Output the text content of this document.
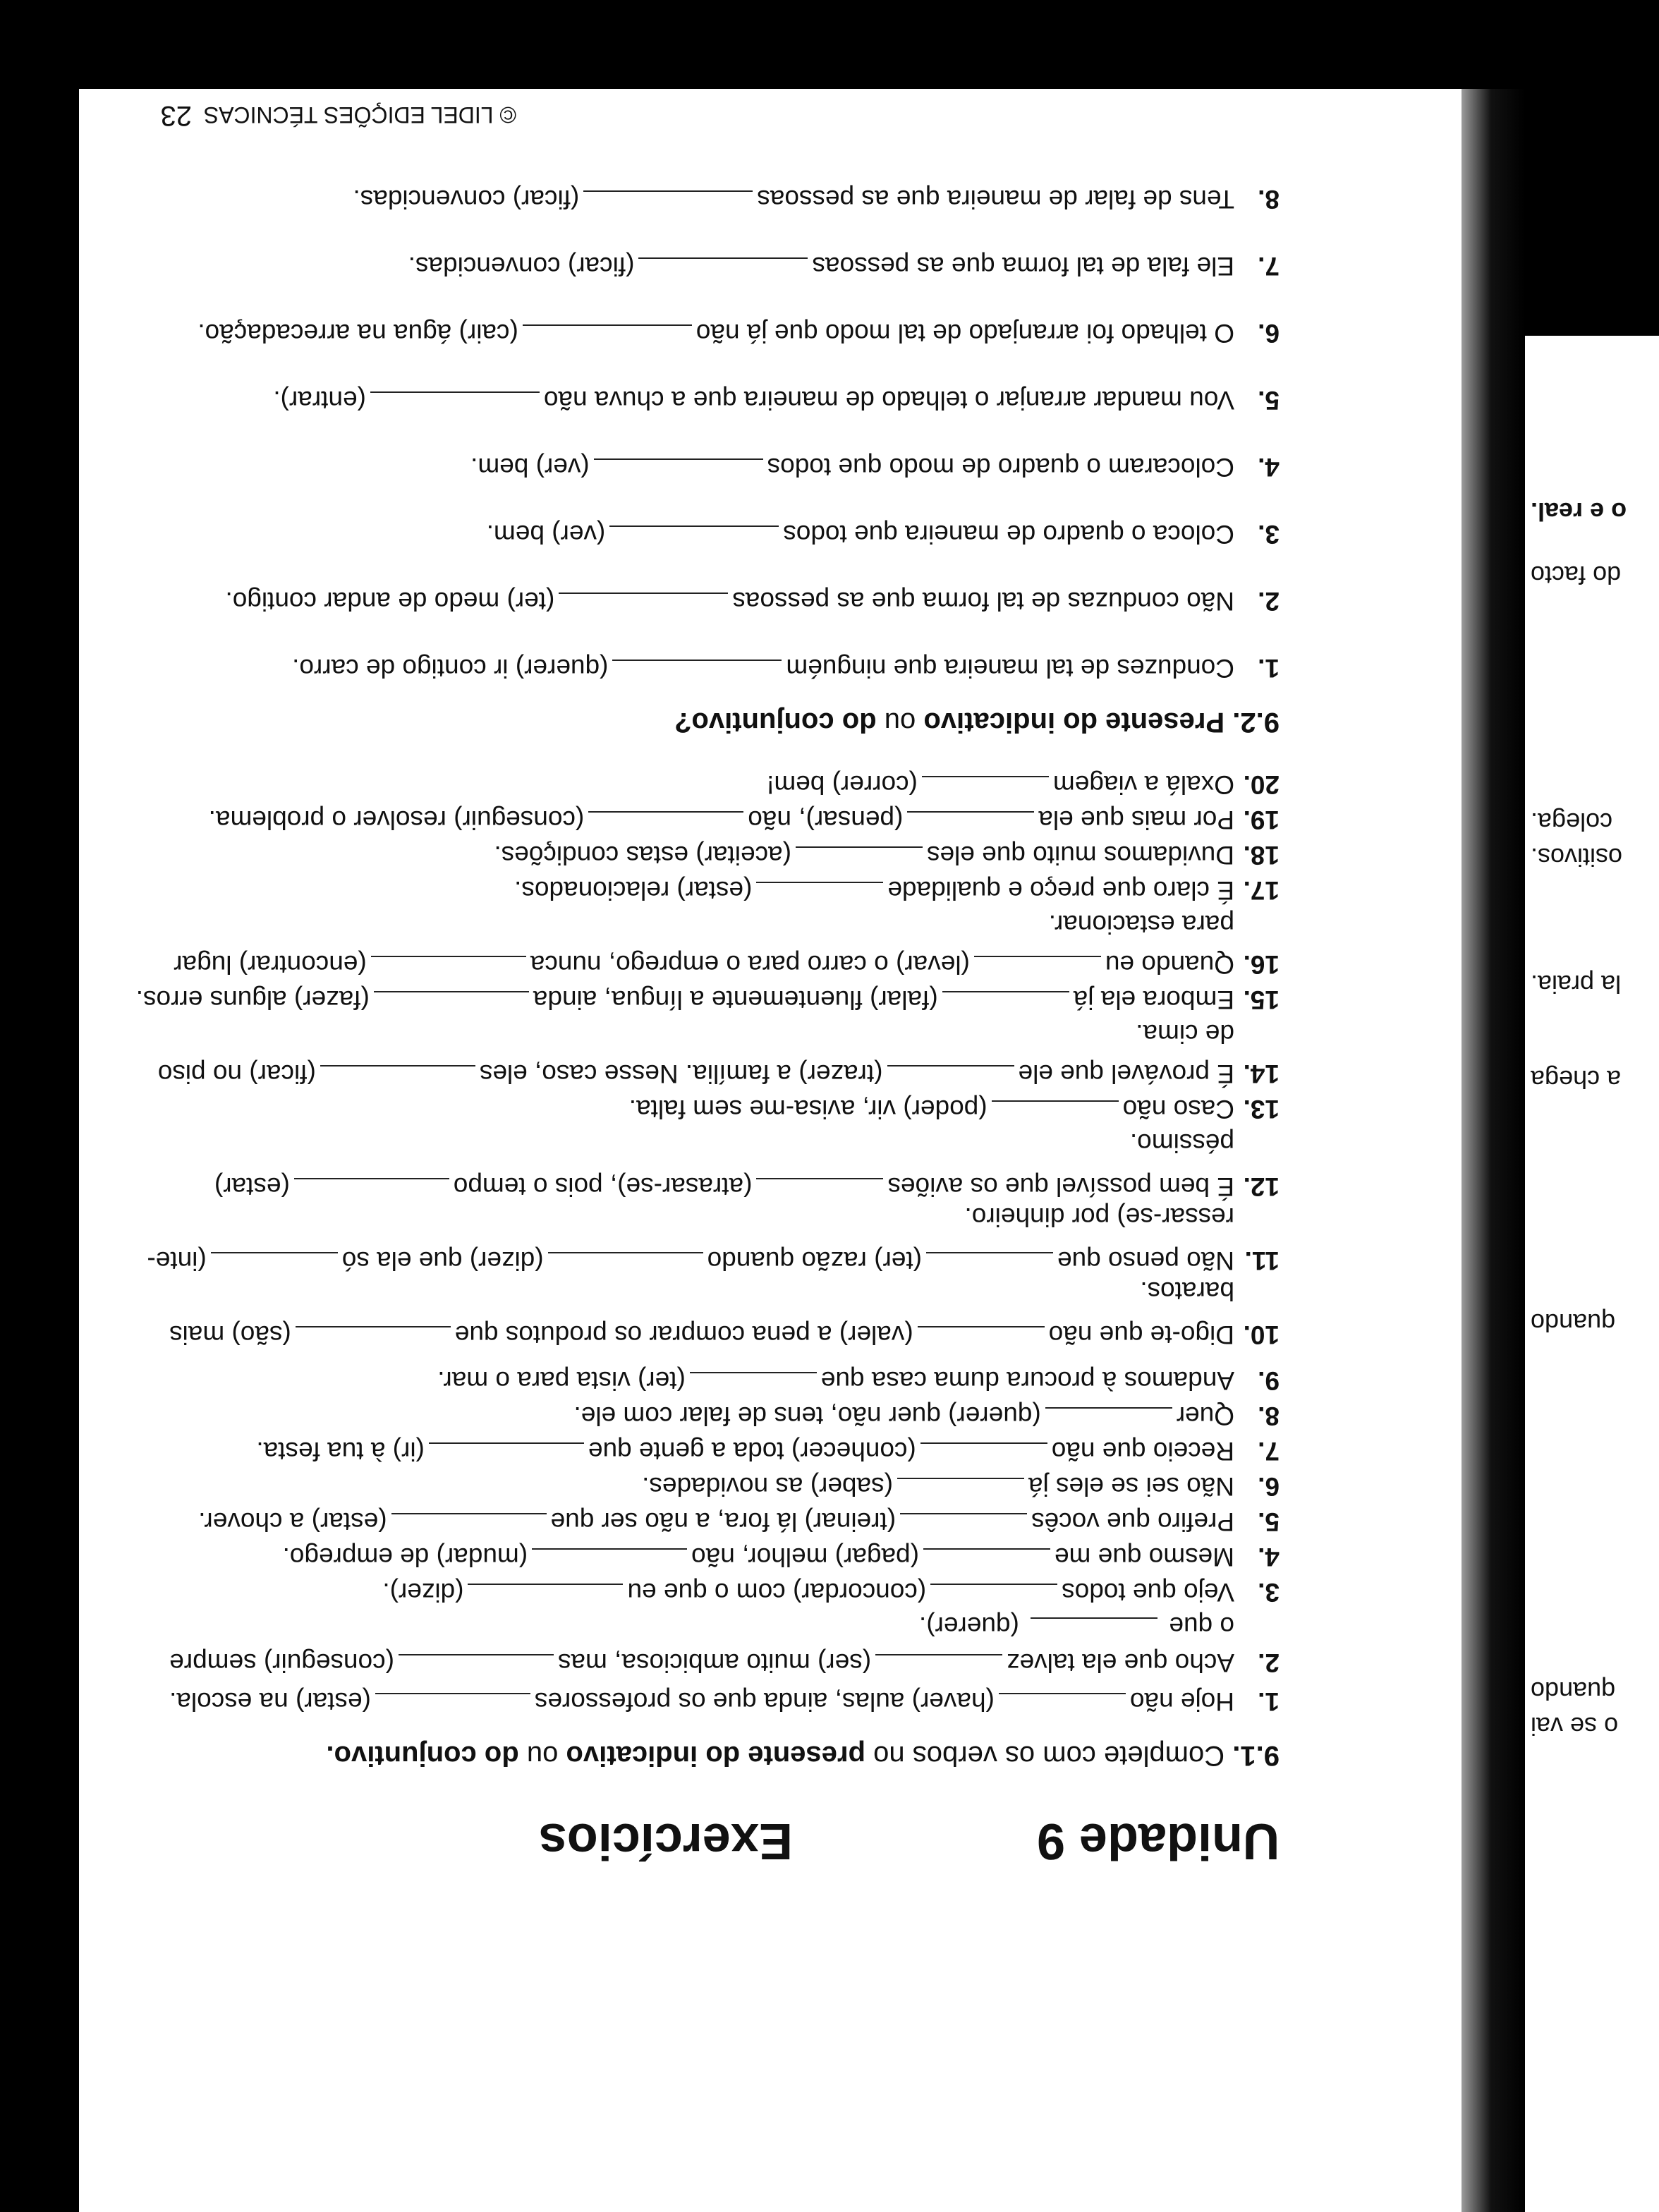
o se vai
quando
quando
a chega
la praia.
ositivos.
colega.
do facto
o e real.
Unidade 9
Exercícios
9.1. Complete com os verbos no presente do indicativo ou do conjuntivo.
1.Hoje não(haver) aulas, ainda que os professores(estar) na escola.
2.Acho que ela talvez(ser) muito ambiciosa, mas(conseguir) sempre
3.Vejo que todos(concordar) com o que eu(dizer).
4.Mesmo que me(pagar) melhor, não(mudar) de emprego.
5.Prefiro que vocês(treinar) lá fora, a não ser que(estar) a chover.
6.Não sei se eles já(saber) as novidades.
7.Receio que não(conhecer) toda a gente que(ir) à tua festa.
8.Quer(querer) quer não, tens de falar com ele.
9.Andamos à procura duma casa que(ter) vista para o mar.
10.Digo-te que não(valer) a pena comprar os produtos que(são) mais
11.Não penso que(ter) razão quando(dizer) que ela só(inte-
12.É bem possível que os aviões(atrasar-se), pois o tempo(estar)
13.Caso não(poder) vir, avisa-me sem falta.
14.É provável que ele(trazer) a família. Nesse caso, eles(ficar) no piso
15.Embora ela já(falar) fluentemente a língua, ainda(fazer) alguns erros.
16.Quando eu(levar) o carro para o emprego, nunca(encontrar) lugar
17.É claro que preço e qualidade(estar) relacionados.
18.Duvidamos muito que eles(aceitar) estas condições.
19.Por mais que ela(pensar), não(conseguir) resolver o problema.
20.Oxalá a viagem(correr) bem!
o que  (querer).
baratos.
ressar-se) por dinheiro.
péssimo.
de cima.
para estacionar.
9.2. Presente do indicativo ou do conjuntivo?
1.Conduzes de tal maneira que ninguém(querer) ir contigo de carro.
2.Não conduzas de tal forma que as pessoas(ter) medo de andar contigo.
3.Coloca o quadro de maneira que todos(ver) bem.
4.Colocaram o quadro de modo que todos(ver) bem.
5.Vou mandar arranjar o telhado de maneira que a chuva não(entrar).
6.O telhado foi arranjado de tal modo que já não(cair) água na arrecadação.
7.Ele fala de tal forma que as pessoas(ficar) convencidas.
8.Tens de falar de maneira que as pessoas(ficar) convencidas.
© LIDEL EDIÇÕES TÉCNICAS
23
